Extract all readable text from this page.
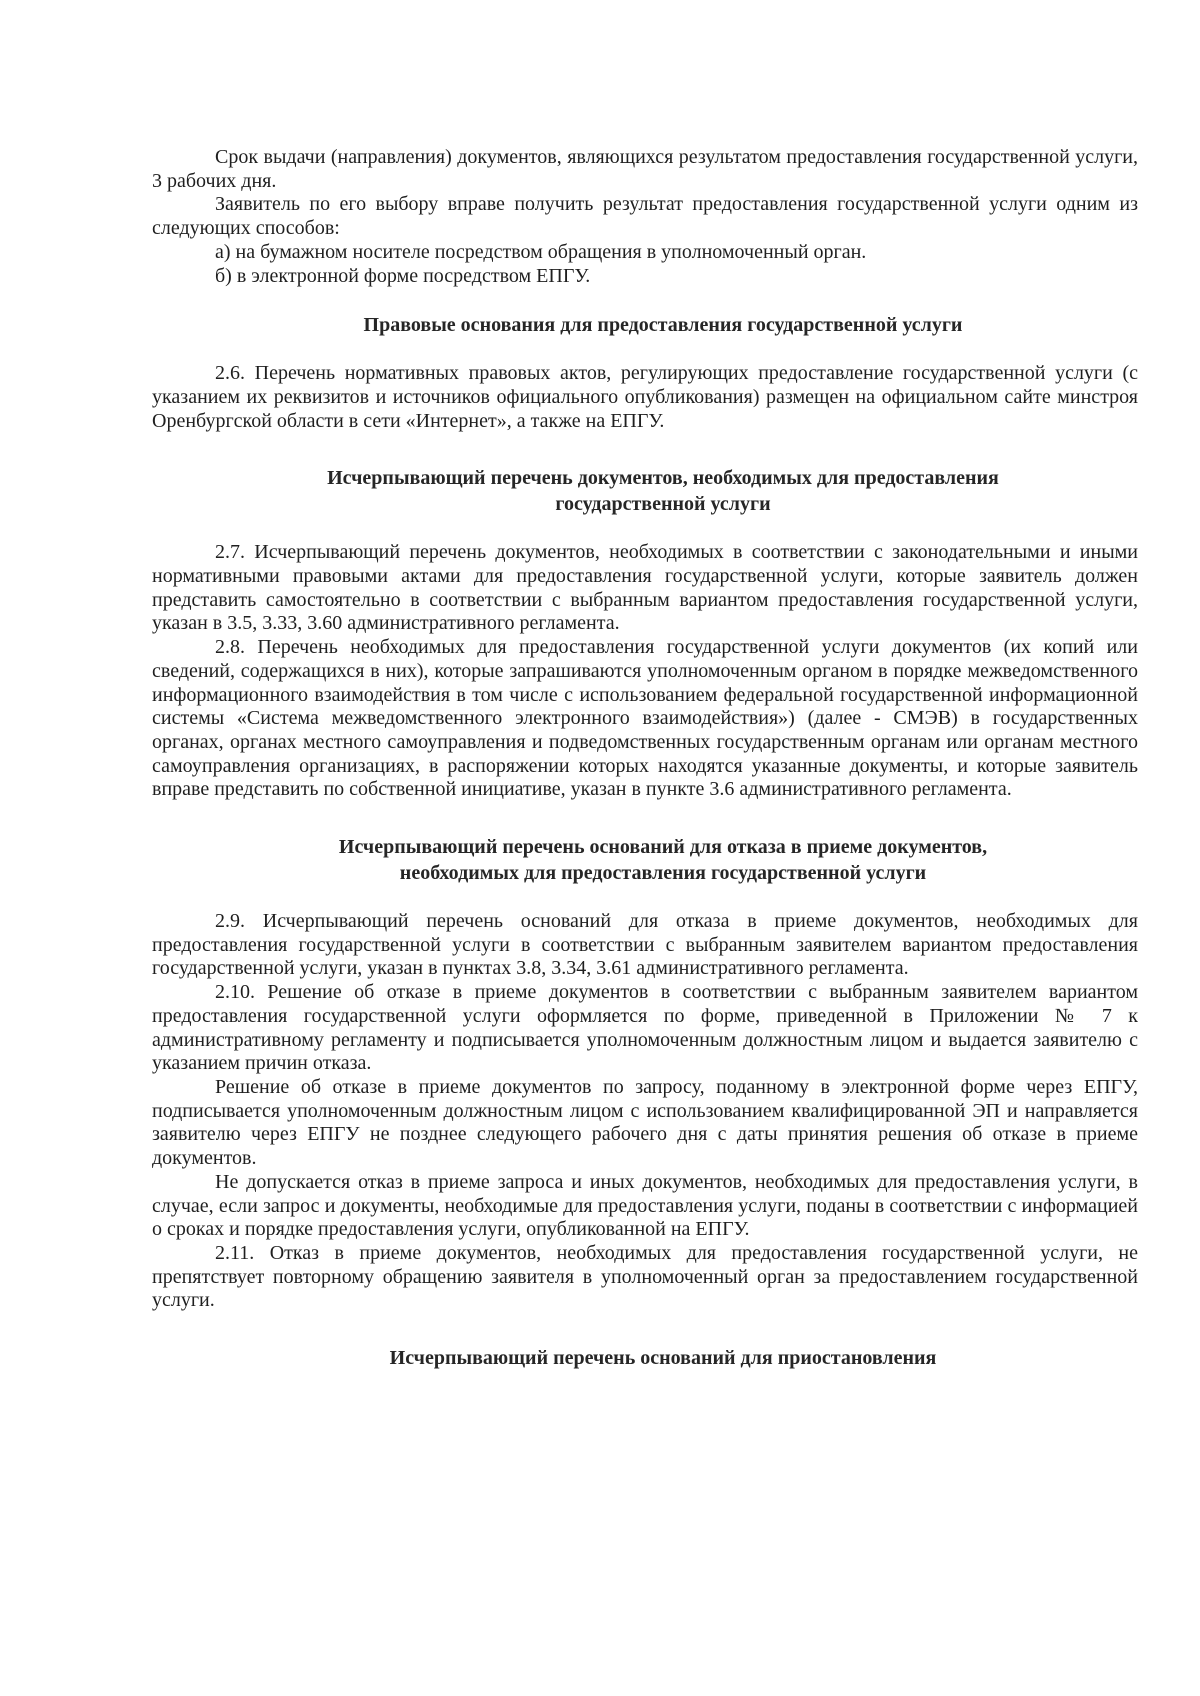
Срок выдачи (направления) документов, являющихся результатом предоставления государственной услуги, 3 рабочих дня.

Заявитель по его выбору вправе получить результат предоставления государственной услуги одним из следующих способов:

а) на бумажном носителе посредством обращения в уполномоченный орган.

б) в электронной форме посредством ЕПГУ.

Правовые основания для предоставления государственной услуги

2.6. Перечень нормативных правовых актов, регулирующих предоставление государственной услуги (с указанием их реквизитов и источников официального опубликования) размещен на официальном сайте минстроя Оренбургской области в сети «Интернет», а также на ЕПГУ.

Исчерпывающий перечень документов, необходимых для предоставления

государственной услуги

2.7. Исчерпывающий перечень документов, необходимых в соответствии с законодательными и иными нормативными правовыми актами для предоставления государственной услуги, которые заявитель должен представить самостоятельно в соответствии с выбранным вариантом предоставления государственной услуги, указан в 3.5, 3.33, 3.60 административного регламента.

2.8. Перечень необходимых для предоставления государственной услуги документов (их копий или сведений, содержащихся в них), которые запрашиваются уполномоченным органом в порядке межведомственного информационного взаимодействия в том числе с использованием федеральной государственной информационной системы «Система межведомственного электронного взаимодействия») (далее - СМЭВ) в государственных органах, органах местного самоуправления и подведомственных государственным органам или органам местного самоуправления организациях, в распоряжении которых находятся указанные документы, и которые заявитель вправе представить по собственной инициативе, указан в пункте 3.6 административного регламента.

Исчерпывающий перечень оснований для отказа в приеме документов,

необходимых для предоставления государственной услуги

2.9. Исчерпывающий перечень оснований для отказа в приеме документов, необходимых для предоставления государственной услуги в соответствии с выбранным заявителем вариантом предоставления государственной услуги, указан в пунктах 3.8, 3.34, 3.61 административного регламента.

2.10. Решение об отказе в приеме документов в соответствии с выбранным заявителем вариантом предоставления государственной услуги оформляется по форме, приведенной в Приложении № 7 к административному регламенту и подписывается уполномоченным должностным лицом и выдается заявителю с указанием причин отказа.

Решение об отказе в приеме документов по запросу, поданному в электронной форме через ЕПГУ, подписывается уполномоченным должностным лицом с использованием квалифицированной ЭП и направляется заявителю через ЕПГУ не позднее следующего рабочего дня с даты принятия решения об отказе в приеме документов.

Не допускается отказ в приеме запроса и иных документов, необходимых для предоставления услуги, в случае, если запрос и документы, необходимые для предоставления услуги, поданы в соответствии с информацией о сроках и порядке предоставления услуги, опубликованной на ЕПГУ.

2.11. Отказ в приеме документов, необходимых для предоставления государственной услуги, не препятствует повторному обращению заявителя в уполномоченный орган за предоставлением государственной услуги.

Исчерпывающий перечень оснований для приостановления
